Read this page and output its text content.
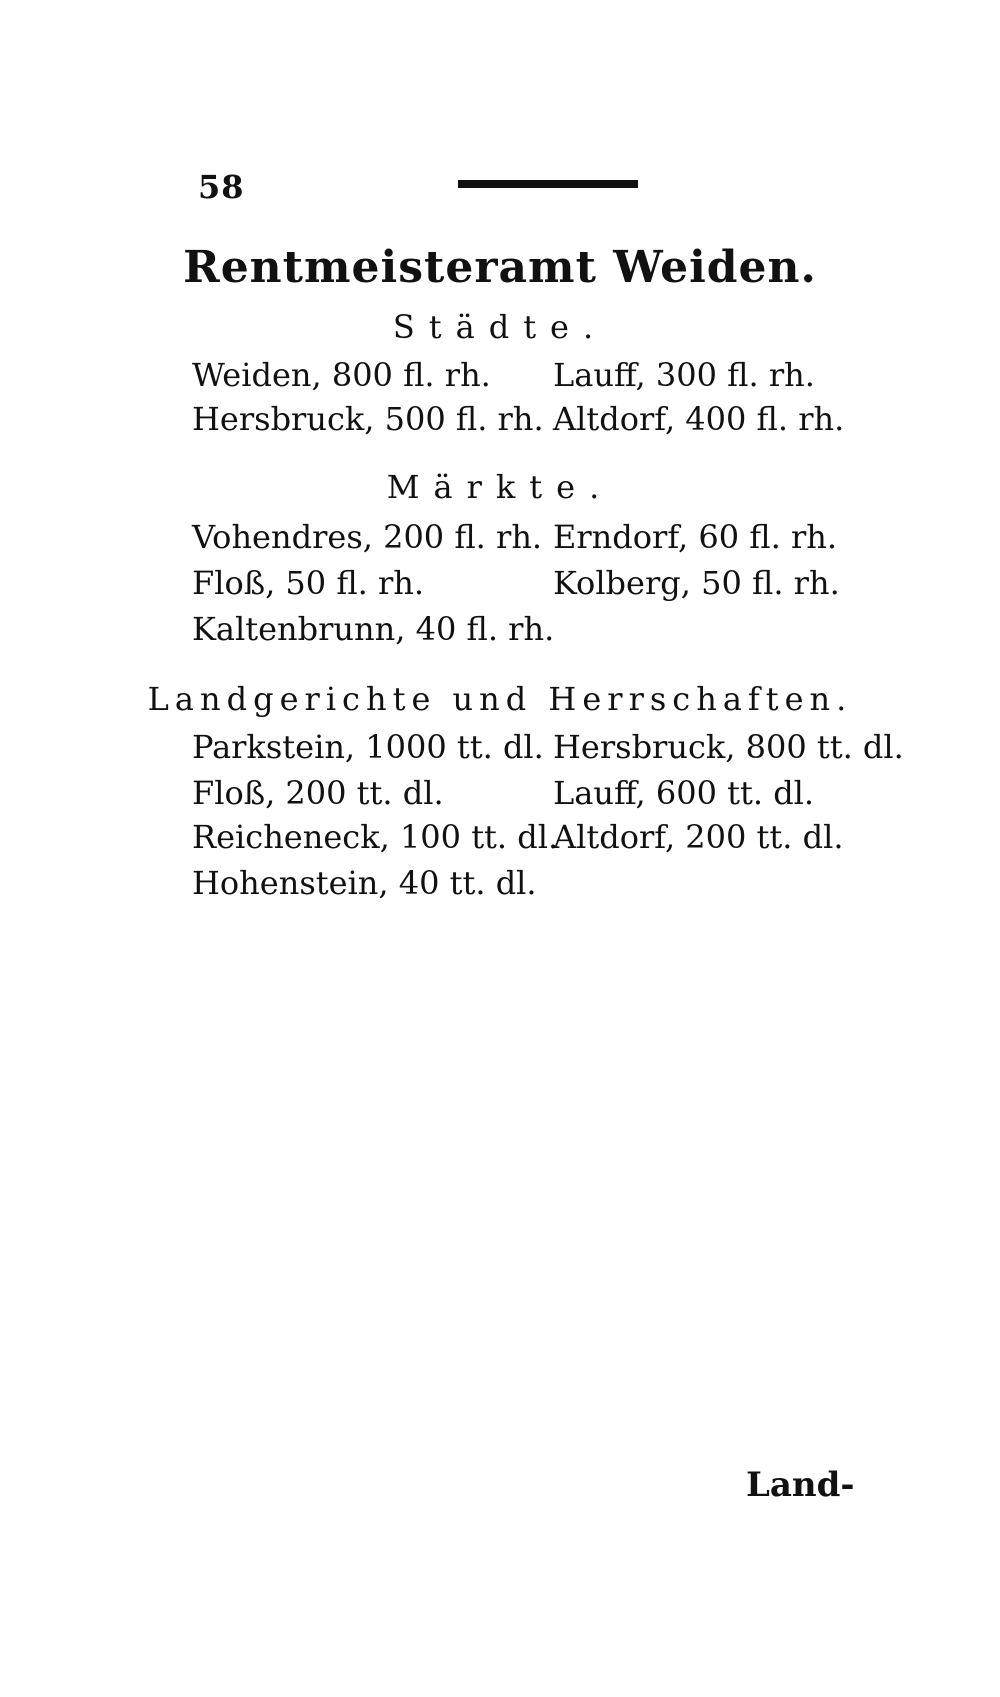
58
Rentmeisteramt Weiden.
Städte.
Weiden, 800 fl. rh. Lauff, 300 fl. rh.
Hersbruck, 500 fl. rh. Altdorf, 400 fl. rh.
Märkte.
Vohendres, 200 fl. rh. Erndorf, 60 fl. rh.
Floß, 50 fl. rh.	Kolberg, 50 fl. rh.
Kaltenbrunn, 40 fl. rh.
Landgerichte und Herrschaften.
Parkstein, 1000 tt. dl. Hersbruck, 800 tt. dl.
Floß, 200 tt. dl.	Lauff, 600 tt. dl.
Reicheneck, 100 tt. dl.
Altdorf, 200 tt. dl.
Hohenstein, 40 tt. dl.
Land-
